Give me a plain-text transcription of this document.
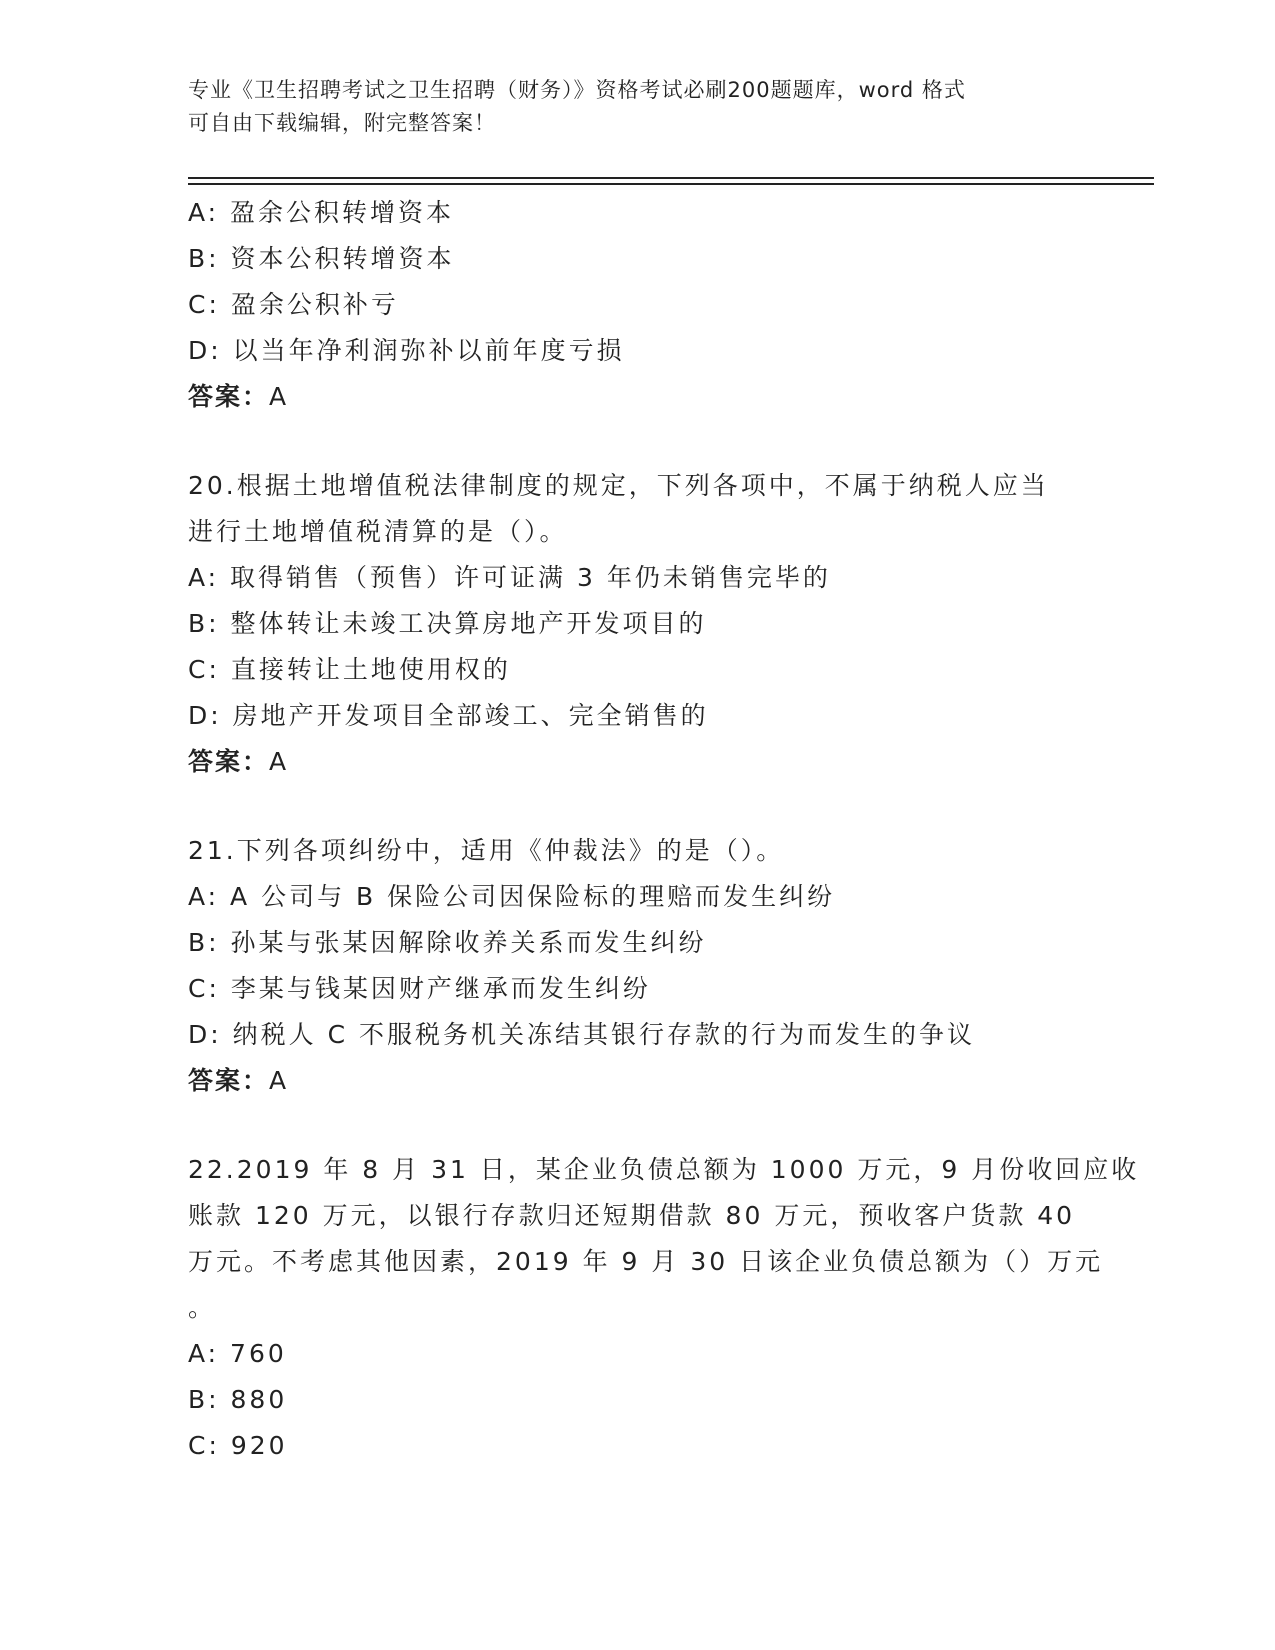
专业《卫生招聘考试之卫生招聘（财务）》资格考试必刷200题题库，word 格式
可自由下载编辑，附完整答案！
A: 盈余公积转增资本
B: 资本公积转增资本
C: 盈余公积补亏
D: 以当年净利润弥补以前年度亏损
答案：A
20.根据土地增值税法律制度的规定，下列各项中，不属于纳税人应当
进行土地增值税清算的是（）。
A: 取得销售（预售）许可证满 3 年仍未销售完毕的
B: 整体转让未竣工决算房地产开发项目的
C: 直接转让土地使用权的
D: 房地产开发项目全部竣工、完全销售的
答案：A
21.下列各项纠纷中，适用《仲裁法》的是（）。
A: A 公司与 B 保险公司因保险标的理赔而发生纠纷
B: 孙某与张某因解除收养关系而发生纠纷
C: 李某与钱某因财产继承而发生纠纷
D: 纳税人 C 不服税务机关冻结其银行存款的行为而发生的争议
答案：A
22.2019 年 8 月 31 日，某企业负债总额为 1000 万元，9 月份收回应收
账款 120 万元，以银行存款归还短期借款 80 万元，预收客户货款 40
万元。不考虑其他因素，2019 年 9 月 30 日该企业负债总额为（）万元
。
A: 760
B: 880
C: 920
